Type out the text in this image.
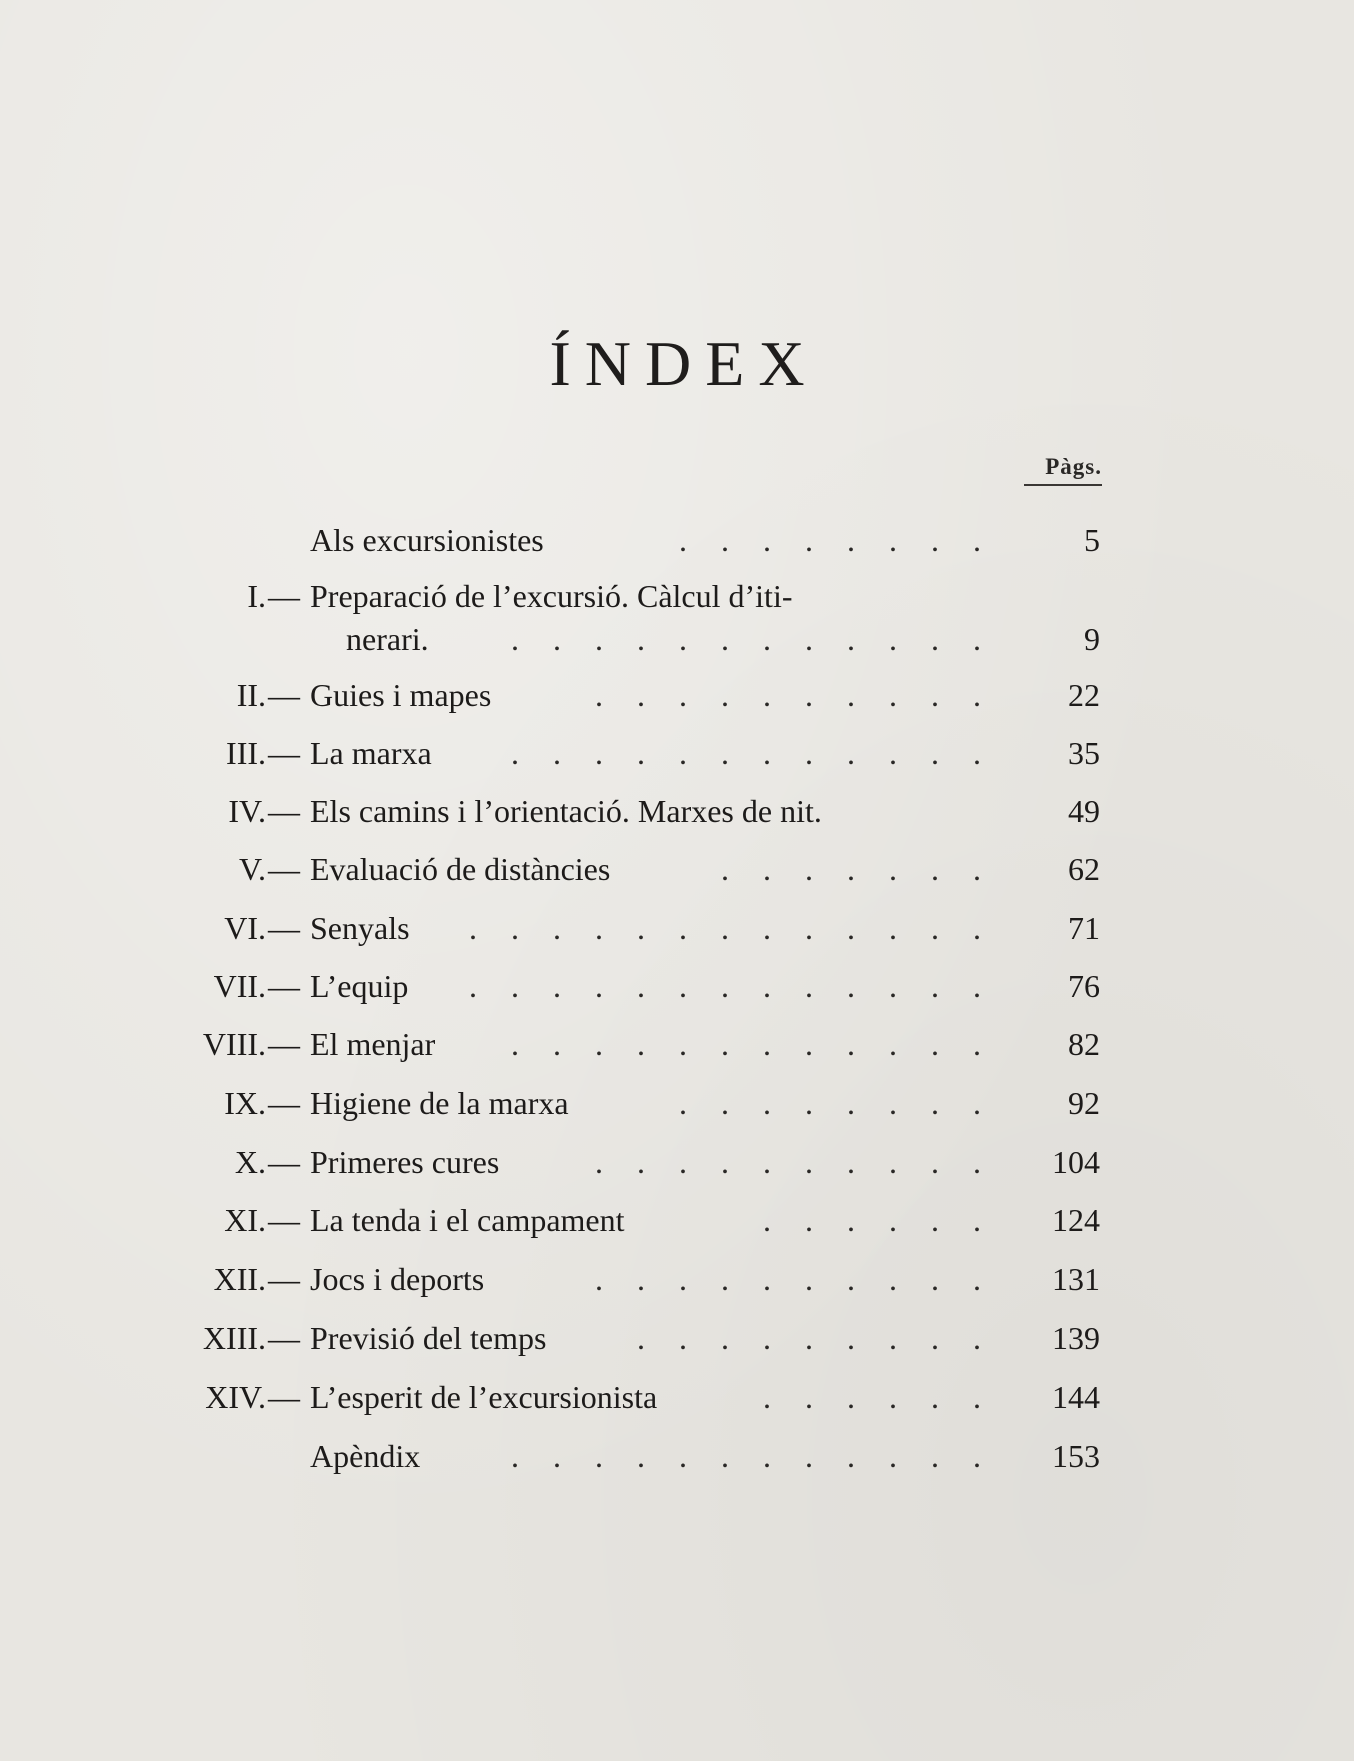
ÍNDEX
Pàgs.
Als excursionistes	. . . . . . . .	5
I. — Preparació de l’excursió. Càlcul d’iti-
nerari.	. . . . . . . . . . . .	9
II. — Guies i mapes	. . . . . . . . . .	22
III. — La marxa . . . . . . . . . . . .	35
IV. — Els camins i l’orientació. Marxes de nit.	49
V. — Evaluació de distàncies	. . . . . . .	62
VI. — Senyals . . . . . . . . . . . . .	71
VII. — L’equip . . . . . . . . . . . . .	76
VIII. — El menjar . . . . . . . . . . . .	82
IX. — Higiene de la marxa	. . . . . . . .	92
X. — Primeres cures	. . . . . . . . . .	104
XI. — La tenda i el campament	. . . . . .	124
XII. — Jocs i deports	. . . . . . . . . .	131
XIII. — Previsió del temps	. . . . . . . . .	139
XIV. — L’esperit de l’excursionista	. . . . . .	144
Apèndix	. . . . . . . . . . . .	153
